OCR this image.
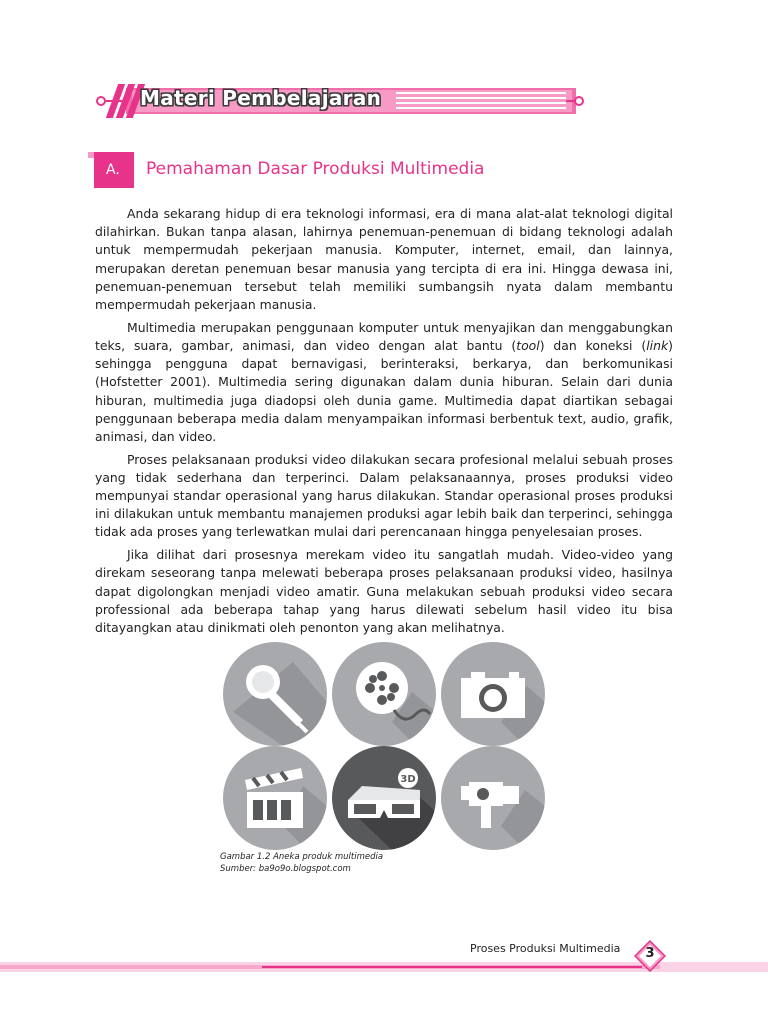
Materi Pembelajaran
A.	Pemahaman Dasar Produksi Multimedia

Anda sekarang hidup di era teknologi informasi, era di mana alat-alat teknologi digital dilahirkan. Bukan tanpa alasan, lahirnya penemuan-penemuan di bidang teknologi adalah untuk mempermudah pekerjaan manusia. Komputer, internet, email, dan lainnya, merupakan deretan penemuan besar manusia yang tercipta di era ini. Hingga dewasa ini, penemuan-penemuan tersebut telah memiliki sumbangsih nyata dalam membantu mempermudah pekerjaan manusia.

Multimedia merupakan penggunaan komputer untuk menyajikan dan menggabungkan teks, suara, gambar, animasi, dan video dengan alat bantu (tool) dan koneksi (link) sehingga pengguna dapat bernavigasi, berinteraksi, berkarya, dan berkomunikasi (Hofstetter 2001). Multimedia sering digunakan dalam dunia hiburan. Selain dari dunia hiburan, multimedia juga diadopsi oleh dunia game. Multimedia dapat diartikan sebagai penggunaan beberapa media dalam menyampaikan informasi berbentuk text, audio, grafik, animasi, dan video.

Proses pelaksanaan produksi video dilakukan secara profesional melalui sebuah proses yang tidak sederhana dan terperinci. Dalam pelaksanaannya, proses produksi video mempunyai standar operasional yang harus dilakukan. Standar operasional proses produksi ini dilakukan untuk membantu manajemen produksi agar lebih baik dan terperinci, sehingga tidak ada proses yang terlewatkan mulai dari perencanaan hingga penyelesaian proses.

Jika dilihat dari prosesnya merekam video itu sangatlah mudah. Video-video yang direkam seseorang tanpa melewati beberapa proses pelaksanaan produksi video, hasilnya dapat digolongkan menjadi video amatir. Guna melakukan sebuah produksi video secara professional ada beberapa tahap yang harus dilewati sebelum hasil video itu bisa ditayangkan atau dinikmati oleh penonton yang akan melihatnya.

3D
Gambar 1.2 Aneka produk multimedia
Sumber: ba9o9o.blogspot.com
Proses Produksi Multimedia	3
